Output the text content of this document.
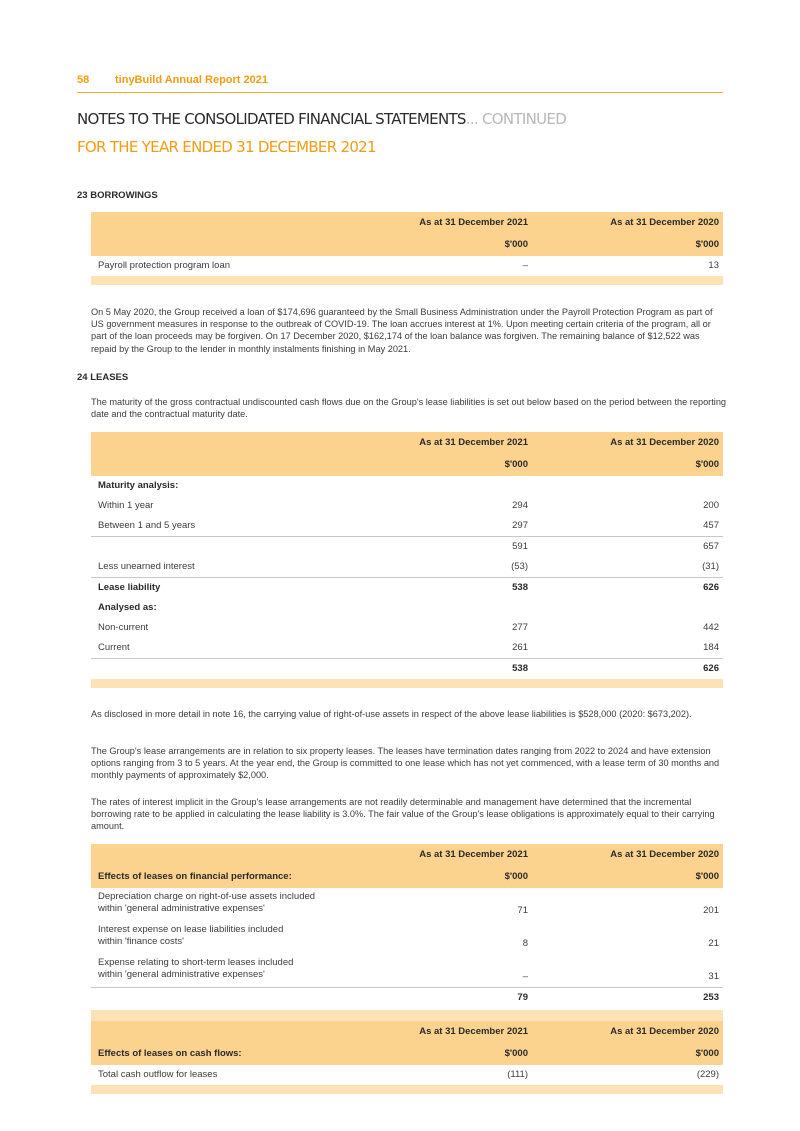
58 tinyBuild Annual Report 2021
NOTES TO THE CONSOLIDATED FINANCIAL STATEMENTS... CONTINUED
FOR THE YEAR ENDED 31 DECEMBER 2021
23 BORROWINGS
As at 31 December 2021	As at 31 December 2020
$'000	$'000
Payroll protection program loan	–	13
On 5 May 2020, the Group received a loan of $174,696 guaranteed by the Small Business Administration under the Payroll Protection Program as part of US government measures in response to the outbreak of COVID-19. The loan accrues interest at 1%. Upon meeting certain criteria of the program, all or part of the loan proceeds may be forgiven. On 17 December 2020, $162,174 of the loan balance was forgiven. The remaining balance of $12,522 was repaid by the Group to the lender in monthly instalments finishing in May 2021.
24 LEASES
The maturity of the gross contractual undiscounted cash flows due on the Group's lease liabilities is set out below based on the period between the reporting date and the contractual maturity date.
As at 31 December 2021	As at 31 December 2020
$'000	$'000
Maturity analysis:
Within 1 year	294	200
Between 1 and 5 years	297	457
591	657
Less unearned interest	(53)	(31)
Lease liability	538	626
Analysed as:
Non-current	277	442
Current	261	184
538	626
As disclosed in more detail in note 16, the carrying value of right-of-use assets in respect of the above lease liabilities is $528,000 (2020: $673,202).
The Group's lease arrangements are in relation to six property leases. The leases have termination dates ranging from 2022 to 2024 and have extension options ranging from 3 to 5 years. At the year end, the Group is committed to one lease which has not yet commenced, with a lease term of 30 months and monthly payments of approximately $2,000.
The rates of interest implicit in the Group's lease arrangements are not readily determinable and management have determined that the incremental borrowing rate to be applied in calculating the lease liability is 3.0%. The fair value of the Group's lease obligations is approximately equal to their carrying amount.
As at 31 December 2021	As at 31 December 2020
Effects of leases on financial performance:	$'000	$'000
Depreciation charge on right-of-use assets included
within 'general administrative expenses'	71	201
Interest expense on lease liabilities included
within 'finance costs'	8	21
Expense relating to short-term leases included
within 'general administrative expenses'	–	31
79	253
As at 31 December 2021	As at 31 December 2020
Effects of leases on cash flows:	$'000	$'000
Total cash outflow for leases	(111)	(229)
